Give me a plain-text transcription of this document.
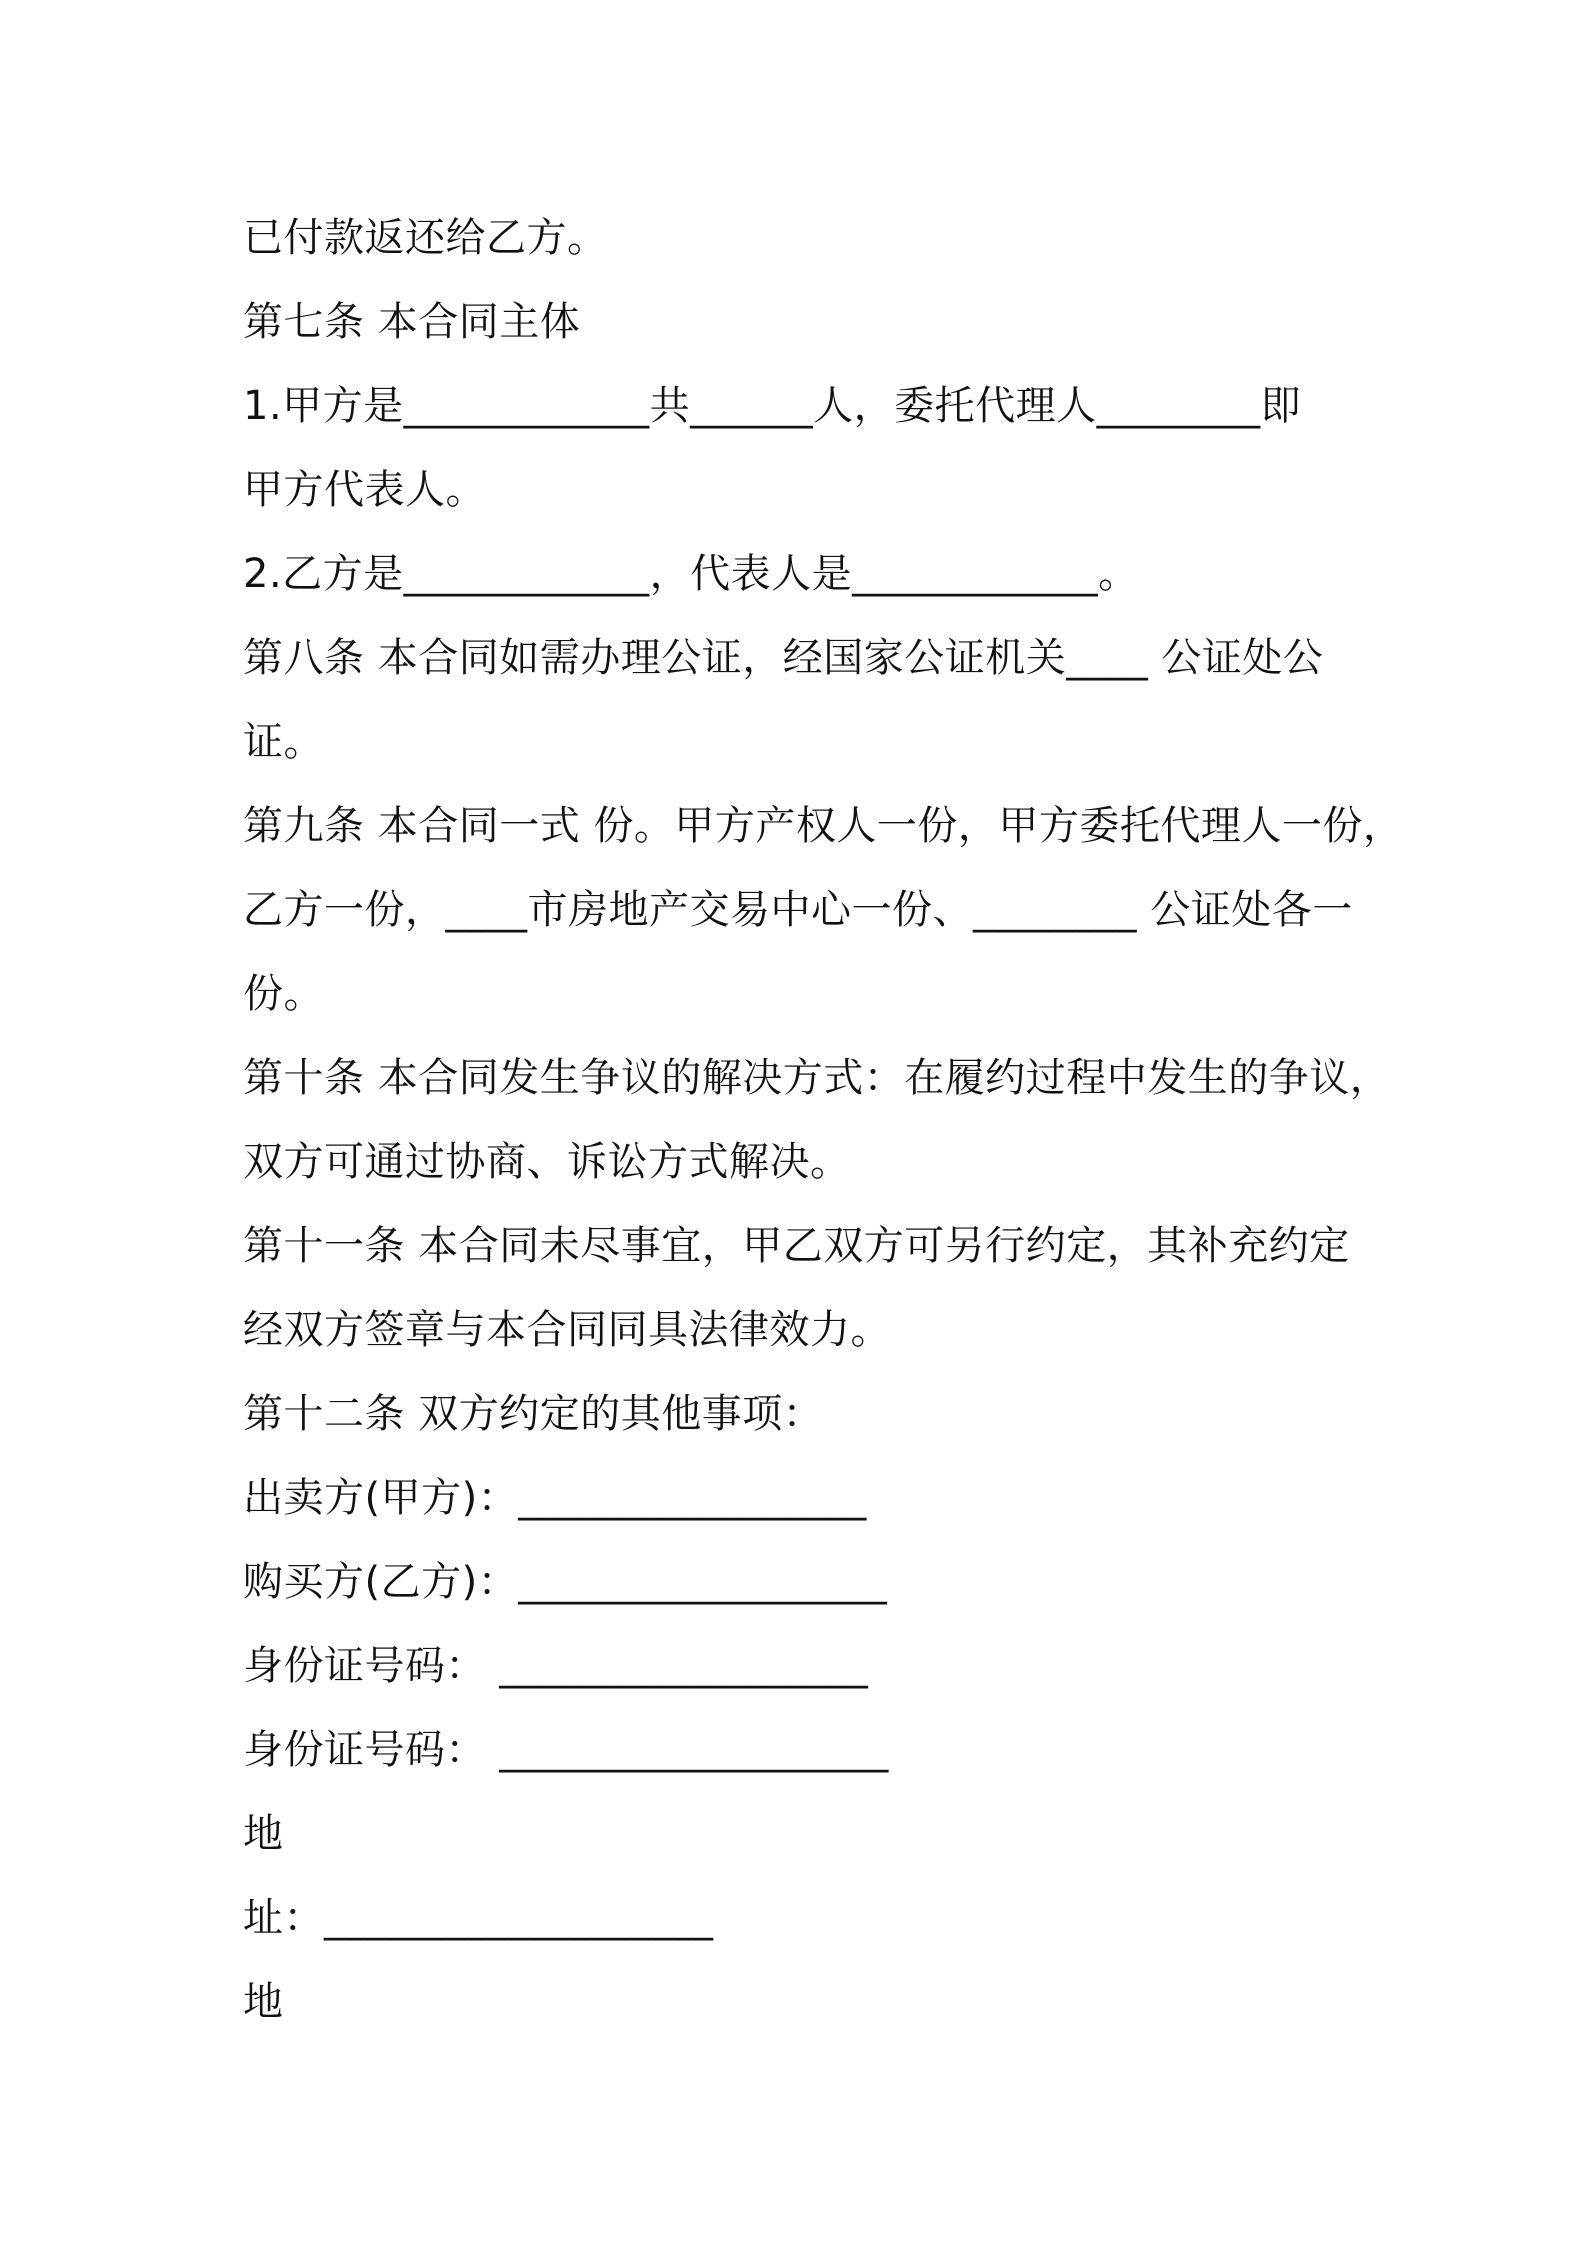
已付款返还给乙方。
第七条 本合同主体
1.甲方是____________共______人，委托代理人________即
甲方代表人。
2.乙方是____________，代表人是____________。
第八条 本合同如需办理公证，经国家公证机关____ 公证处公
证。
第九条 本合同一式 份。甲方产权人一份，甲方委托代理人一份，
乙方一份，____市房地产交易中心一份、________ 公证处各一
份。
第十条 本合同发生争议的解决方式：在履约过程中发生的争议，
双方可通过协商、诉讼方式解决。
第十一条 本合同未尽事宜，甲乙双方可另行约定，其补充约定
经双方签章与本合同同具法律效力。
第十二条 双方约定的其他事项：
出卖方(甲方)：_________________
购买方(乙方)：__________________
身份证号码： __________________
身份证号码： ___________________
地
址：___________________
地
